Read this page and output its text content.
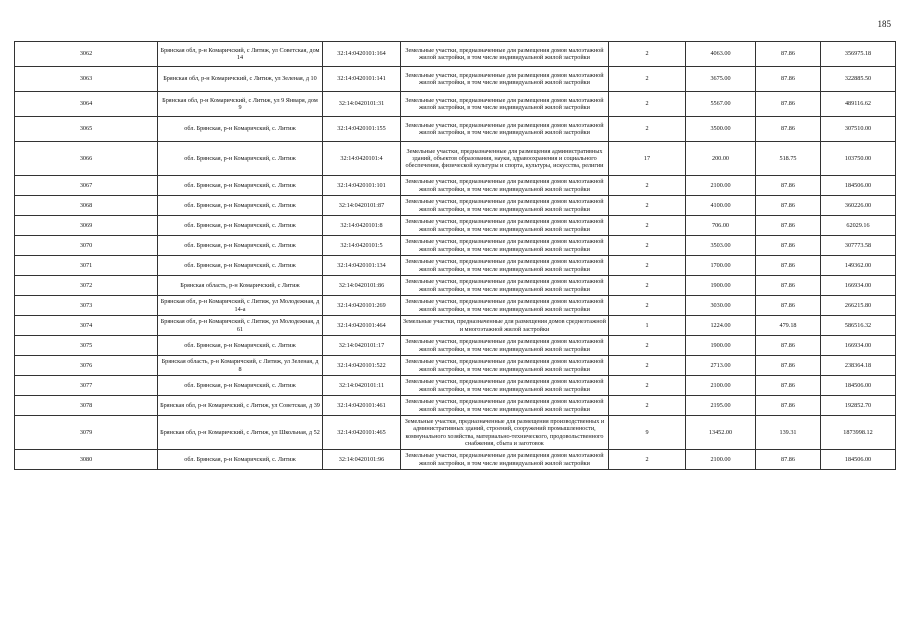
185
3062	Брянская обл, р-н Комаричский, с Литиж, ул Советская, дом 14	32:14:0420101:164	Земельные участки, предназначенные для размещения домов малоэтажной жилой застройки, в том числе индивидуальной жилой застройки	2	4063.00	87.86	356975.18
3063	Брянская обл, р-н Комаричский, с Литиж, ул Зеленая, д 10	32:14:0420101:141	Земельные участки, предназначенные для размещения домов малоэтажной жилой застройки, в том числе индивидуальной жилой застройки	2	3675.00	87.86	322885.50
3064	Брянская обл, р-н Комаричский, с Литиж, ул 9 Января, дом 9	32:14:0420101:31	Земельные участки, предназначенные для размещения домов малоэтажной жилой застройки, в том числе индивидуальной жилой застройки	2	5567.00	87.86	489116.62
3065	обл. Брянская, р-н Комаричский, с. Литиж	32:14:0420101:155	Земельные участки, предназначенные для размещения домов малоэтажной жилой застройки, в том числе индивидуальной жилой застройки	2	3500.00	87.86	307510.00
3066	обл. Брянская, р-н Комаричский, с. Литиж	32:14:0420101:4	Земельные участки, предназначенные для размещения административных зданий, объектов образования, науки, здравоохранения и социального обеспечения, физической культуры и спорта, культуры, искусства, религии	17	200.00	518.75	103750.00
3067	обл. Брянская, р-н Комаричский, с. Литиж	32:14:0420101:101	Земельные участки, предназначенные для размещения домов малоэтажной жилой застройки, в том числе индивидуальной жилой застройки	2	2100.00	87.86	184506.00
3068	обл. Брянская, р-н Комаричский, с. Литиж	32:14:0420101:87	Земельные участки, предназначенные для размещения домов малоэтажной жилой застройки, в том числе индивидуальной жилой застройки	2	4100.00	87.86	360226.00
3069	обл. Брянская, р-н Комаричский, с. Литиж	32:14:0420101:8	Земельные участки, предназначенные для размещения домов малоэтажной жилой застройки, в том числе индивидуальной жилой застройки	2	706.00	87.86	62029.16
3070	обл. Брянская, р-н Комаричский, с. Литиж	32:14:0420101:5	Земельные участки, предназначенные для размещения домов малоэтажной жилой застройки, в том числе индивидуальной жилой застройки	2	3503.00	87.86	307773.58
3071	обл. Брянская, р-н Комаричский, с. Литиж	32:14:0420101:134	Земельные участки, предназначенные для размещения домов малоэтажной жилой застройки, в том числе индивидуальной жилой застройки	2	1700.00	87.86	149362.00
3072	Брянская область, р-н Комаричский, с Литиж	32:14:0420101:86	Земельные участки, предназначенные для размещения домов малоэтажной жилой застройки, в том числе индивидуальной жилой застройки	2	1900.00	87.86	166934.00
3073	Брянская обл, р-н Комаричский, с Литиж, ул Молодежная, д 14-а	32:14:0420101:269	Земельные участки, предназначенные для размещения домов малоэтажной жилой застройки, в том числе индивидуальной жилой застройки	2	3030.00	87.86	266215.80
3074	Брянская обл, р-н Комаричский, с Литиж, ул Молодежная, д 61	32:14:0420101:464	Земельные участки, предназначенные для размещения домов среднеэтажной и многоэтажной жилой застройки	1	1224.00	479.18	586516.32
3075	обл. Брянская, р-н Комаричский, с. Литиж	32:14:0420101:17	Земельные участки, предназначенные для размещения домов малоэтажной жилой застройки, в том числе индивидуальной жилой застройки	2	1900.00	87.86	166934.00
3076	Брянская область, р-н Комаричский, с Литиж, ул Зеленая, д 8	32:14:0420101:522	Земельные участки, предназначенные для размещения домов малоэтажной жилой застройки, в том числе индивидуальной жилой застройки	2	2713.00	87.86	238364.18
3077	обл. Брянская, р-н Комаричский, с. Литиж	32:14:0420101:11	Земельные участки, предназначенные для размещения домов малоэтажной жилой застройки, в том числе индивидуальной жилой застройки	2	2100.00	87.86	184506.00
3078	Брянская обл, р-н Комаричский, с Литиж, ул Советская, д 39	32:14:0420101:461	Земельные участки, предназначенные для размещения домов малоэтажной жилой застройки, в том числе индивидуальной жилой застройки	2	2195.00	87.86	192852.70
3079	Брянская обл, р-н Комаричский, с Литиж, ул Школьная, д 52	32:14:0420101:465	Земельные участки, предназначенные для размещения производственных и административных зданий, строений, сооружений промышленности, коммунального хозяйства, материально-технического, продовольственного снабжения, сбыта и заготовок	9	13452.00	139.31	1873998.12
3080	обл. Брянская, р-н Комаричский, с. Литиж	32:14:0420101:96	Земельные участки, предназначенные для размещения домов малоэтажной жилой застройки, в том числе индивидуальной жилой застройки	2	2100.00	87.86	184506.00
